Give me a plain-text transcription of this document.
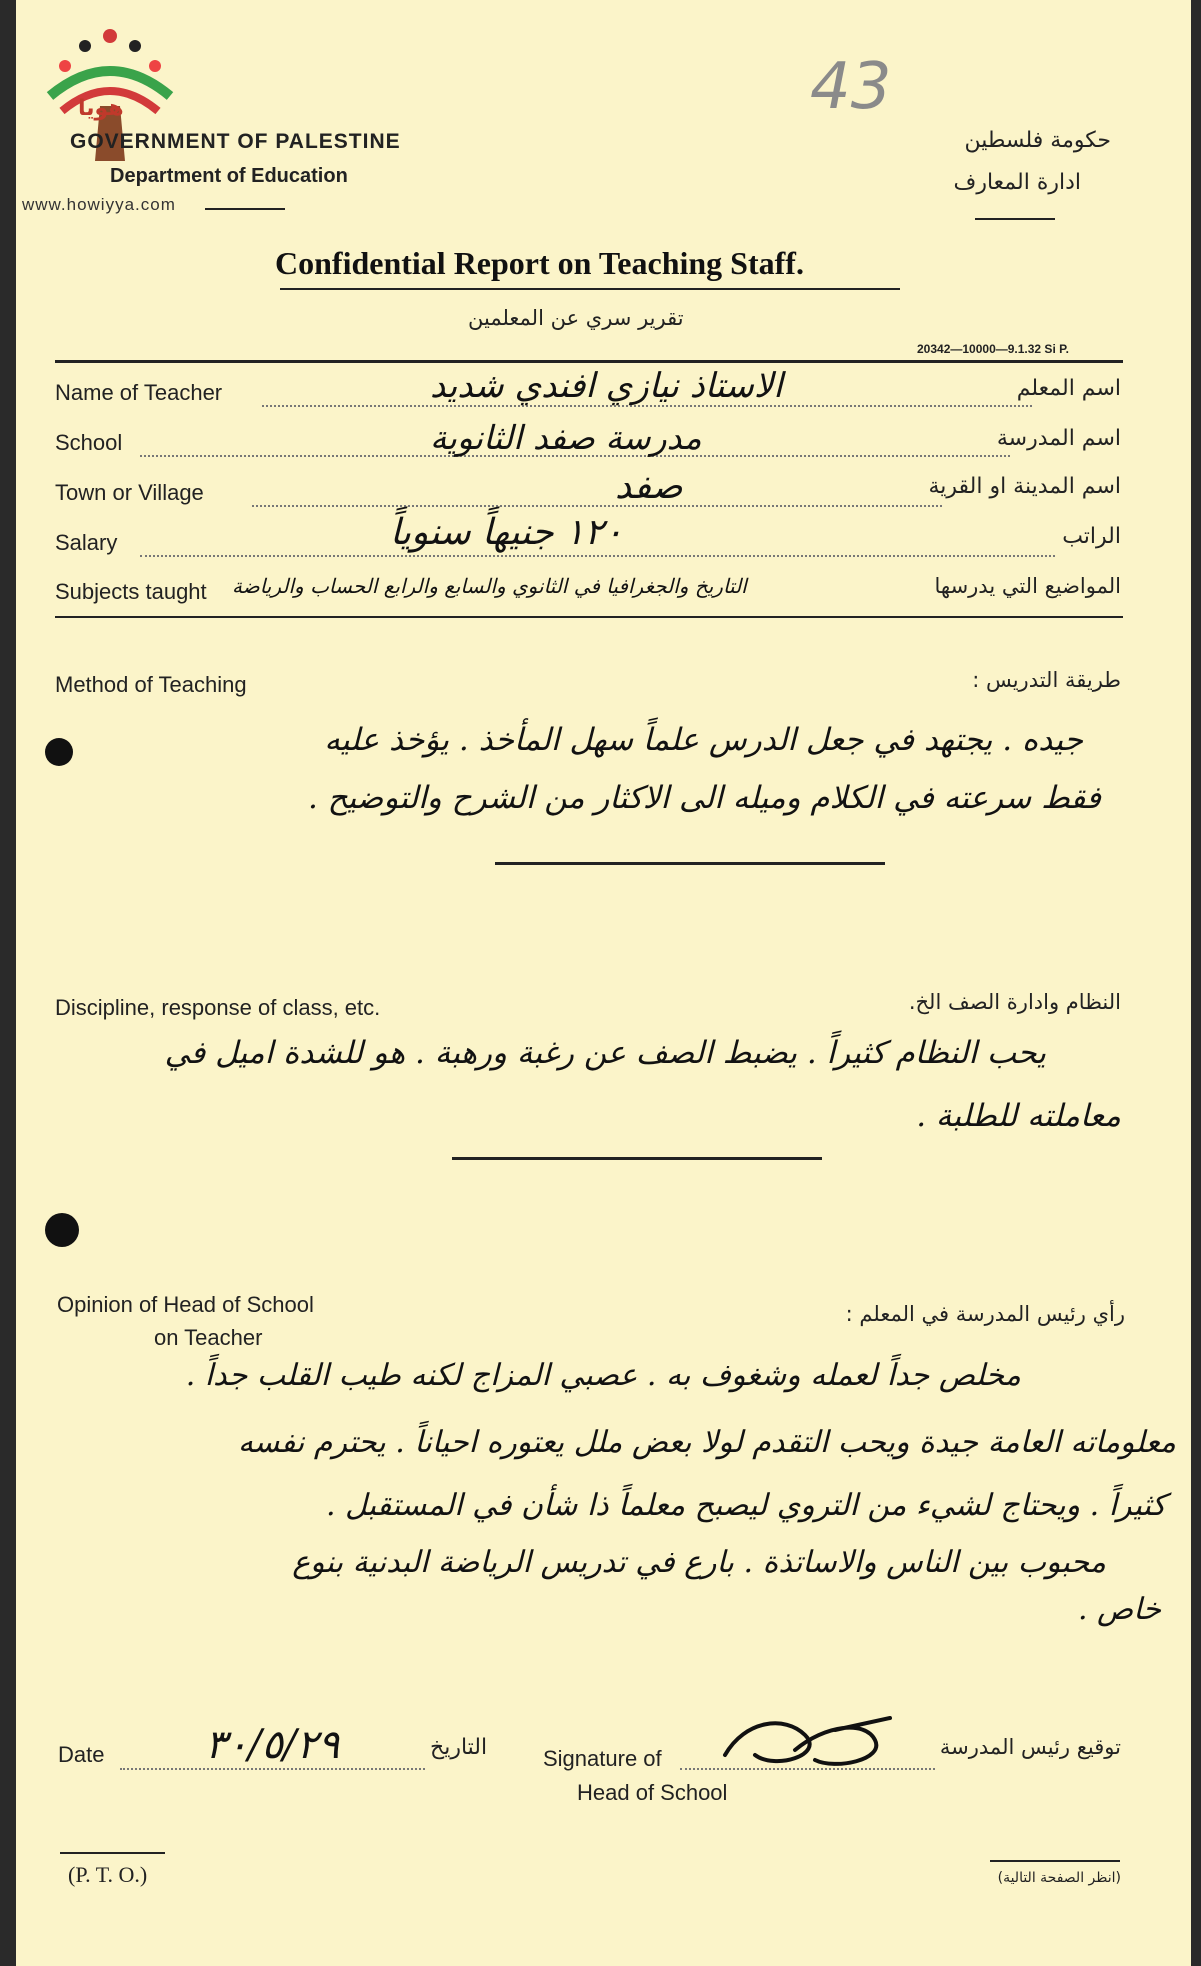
هويا
www.howiyya.com
GOVERNMENT OF PALESTINE
Department of Education
43
حكومة فلسطين
ادارة المعارف
Confidential Report on Teaching Staff.
تقرير سري عن المعلمين
20342—10000—9.1.32 Si P.
Name of Teacher	الاستاذ نيازي افندي شديد	اسم المعلم
School	مدرسة صفد الثانوية	اسم المدرسة
Town or Village	صفد	اسم المدينة او القرية
Salary	١٢٠ جنيهاً سنوياً	الراتب
Subjects taught التاريخ والجغرافيا في الثانوي والسابع والرابع الحساب والرياضة	المواضيع التي يدرسها
Method of Teaching	طريقة التدريس :
جيده . يجتهد في جعل الدرس علماً سهل المأخذ . يؤخذ عليه
فقط سرعته في الكلام وميله الى الاكثار من الشرح والتوضيح .
Discipline, response of class, etc.	النظام وادارة الصف الخ.
يحب النظام كثيراً . يضبط الصف عن رغبة ورهبة . هو للشدة اميل في
معاملته للطلبة .
Opinion of Head of School
on Teacher
رأي رئيس المدرسة في المعلم :
مخلص جداً لعمله وشغوف به . عصبي المزاج لكنه طيب القلب جداً .
معلوماته العامة جيدة ويحب التقدم لولا بعض ملل يعتوره احياناً . يحترم نفسه
كثيراً . ويحتاج لشيء من التروي ليصبح معلماً ذا شأن في المستقبل .
محبوب بين الناس والاساتذة . بارع في تدريس الرياضة البدنية بنوع
خاص .
Date	٣٠/٥/٢٩	التاريخ	Signature of
Head of School
توقيع رئيس المدرسة
(P. T. O.)	(انظر الصفحة التالية)
